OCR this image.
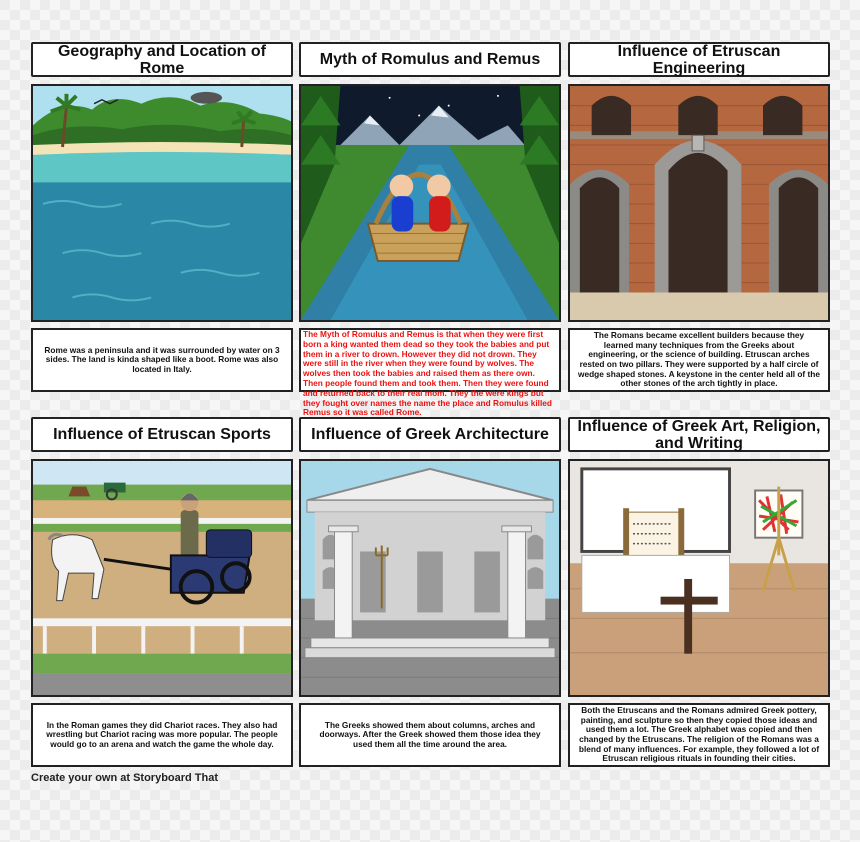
Geography and Location of Rome	Myth of Romulus and Remus	Influence of Etruscan Engineering
Rome was a peninsula and it was surrounded by water on 3 sides. The land is kinda shaped like a boot. Rome was also located in Italy.
The Myth of Romulus and Remus is that when they were first born a king wanted them dead so they took the babies and put them in a river to drown. However they did not drown. They were still in the river when they were found by wolves. The wolves then took the babies and raised them as there own. Then people found them and took them. Then they were found and returned back to their real mom. They the were kings but they fought over names the name the place and Romulus killed Remus so it was called Rome.
The Romans became excellent builders because they learned many techniques from the Greeks about engineering, or the science of building. Etruscan arches rested on two pillars. They were supported by a half circle of wedge shaped stones. A keystone in the center held all of the other stones of the arch tightly in place.
Influence of Etruscan Sports	Influence of Greek Architecture	Influence of Greek Art, Religion, and Writing
In the Roman games they did Chariot races. They also had wrestling but Chariot racing was more popular. The people would go to an arena and watch the game the whole day.
The Greeks showed them about columns, arches and doorways. After the Greek showed them those idea they used them all the time around the area.
Both the Etruscans and the Romans admired Greek pottery, painting, and sculpture so then they copied those ideas and used them a lot. The Greek alphabet was copied and then changed by the Etruscans. The religion of the Romans was a blend of many influences. For example, they followed a lot of Etruscan religious rituals in founding their cities.
Create your own at Storyboard That
